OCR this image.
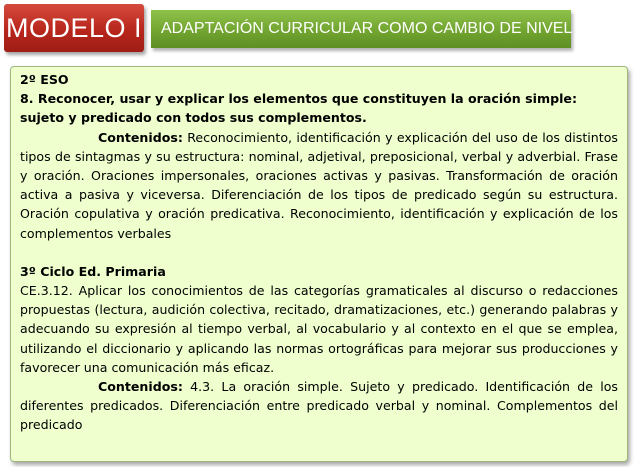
MODELO I	ADAPTACIÓN CURRICULAR COMO CAMBIO DE NIVEL
2º ESO
8. Reconocer, usar y explicar los elementos que constituyen la oración simple: sujeto y predicado con todos sus complementos.

Contenidos: Reconocimiento, identificación y explicación del uso de los distintos tipos de sintagmas y su estructura: nominal, adjetival, preposicional, verbal y adverbial. Frase y oración. Oraciones impersonales, oraciones activas y pasivas. Transformación de oración activa a pasiva y viceversa. Diferenciación de los tipos de predicado según su estructura. Oración copulativa y oración predicativa. Reconocimiento, identificación y explicación de los complementos verbales

3º Ciclo Ed. Primaria

CE.3.12. Aplicar los conocimientos de las categorías gramaticales al discurso o redacciones propuestas (lectura, audición colectiva, recitado, dramatizaciones, etc.) generando palabras y adecuando su expresión al tiempo verbal, al vocabulario y al contexto en el que se emplea, utilizando el diccionario y aplicando las normas ortográficas para mejorar sus producciones y favorecer una comunicación más eficaz.

Contenidos: 4.3. La oración simple. Sujeto y predicado. Identificación de los diferentes predicados. Diferenciación entre predicado verbal y nominal. Complementos del predicado
